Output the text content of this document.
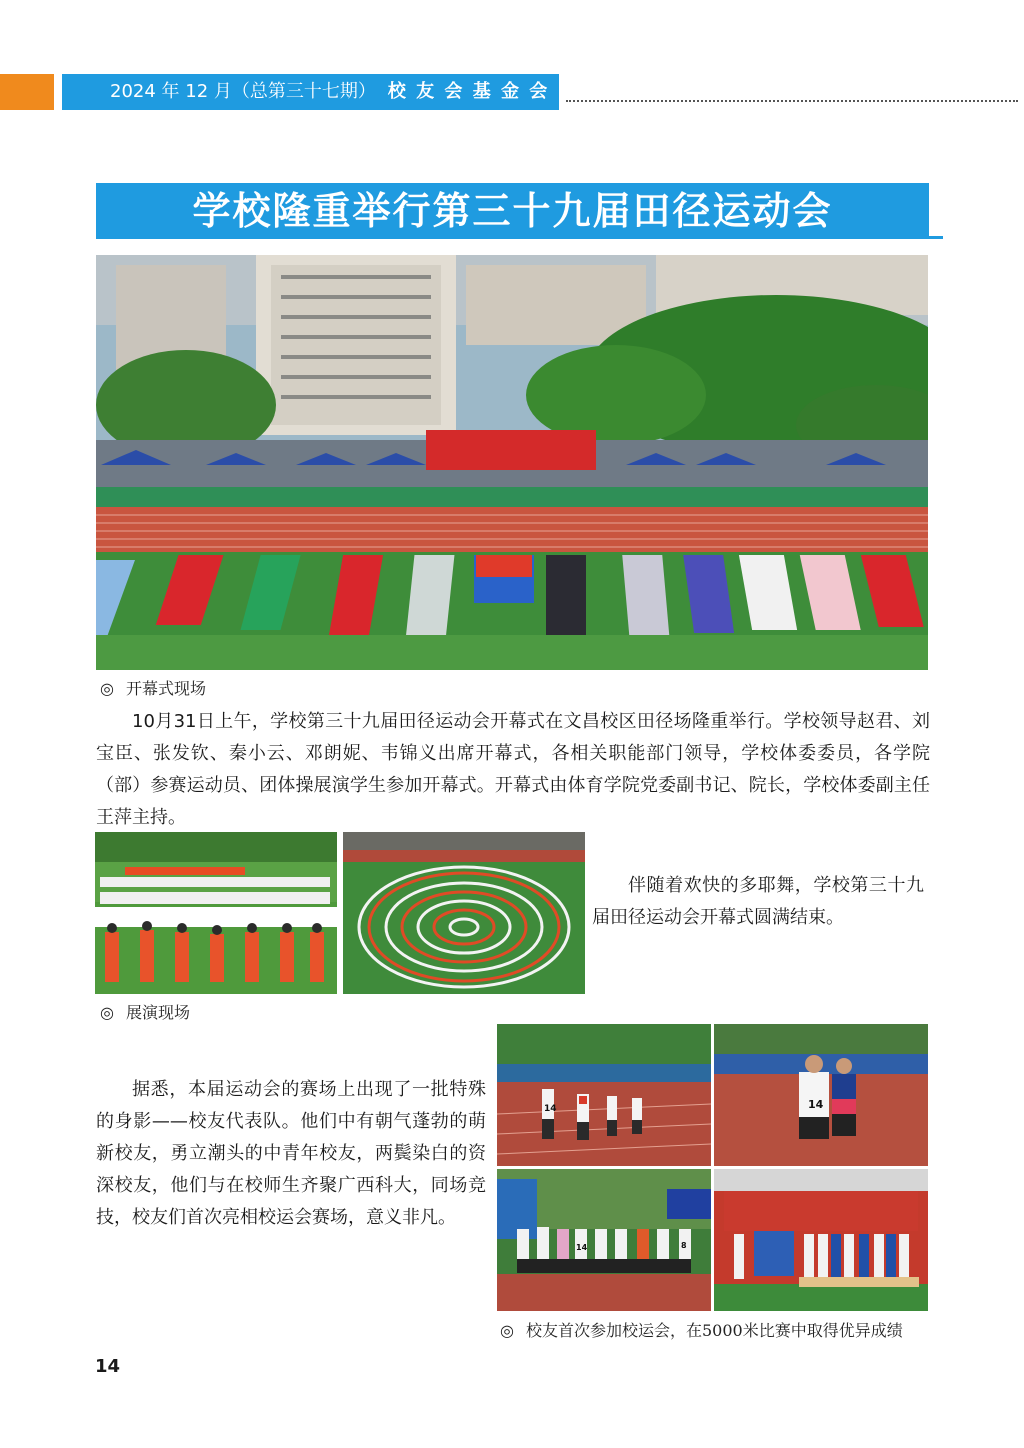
2024 年 12 月（总第三十七期） 校 友 会 基 金 会
学校隆重举行第三十九届田径运动会
◎ 开幕式现场
10月31日上午，学校第三十九届田径运动会开幕式在文昌校区田径场隆重举行。学校领导赵君、刘宝臣、张发钦、秦小云、邓朗妮、韦锦义出席开幕式，各相关职能部门领导，学校体委委员，各学院（部）参赛运动员、团体操展演学生参加开幕式。开幕式由体育学院党委副书记、院长，学校体委副主任王萍主持。
伴随着欢快的多耶舞，学校第三十九届田径运动会开幕式圆满结束。
◎ 展演现场
据悉，本届运动会的赛场上出现了一批特殊的身影——校友代表队。他们中有朝气蓬勃的萌新校友，勇立潮头的中青年校友，两鬓染白的资深校友，他们与在校师生齐聚广西科大，同场竞技，校友们首次亮相校运会赛场，意义非凡。
14	14
14	8
◎ 校友首次参加校运会，在5000米比赛中取得优异成绩
14
